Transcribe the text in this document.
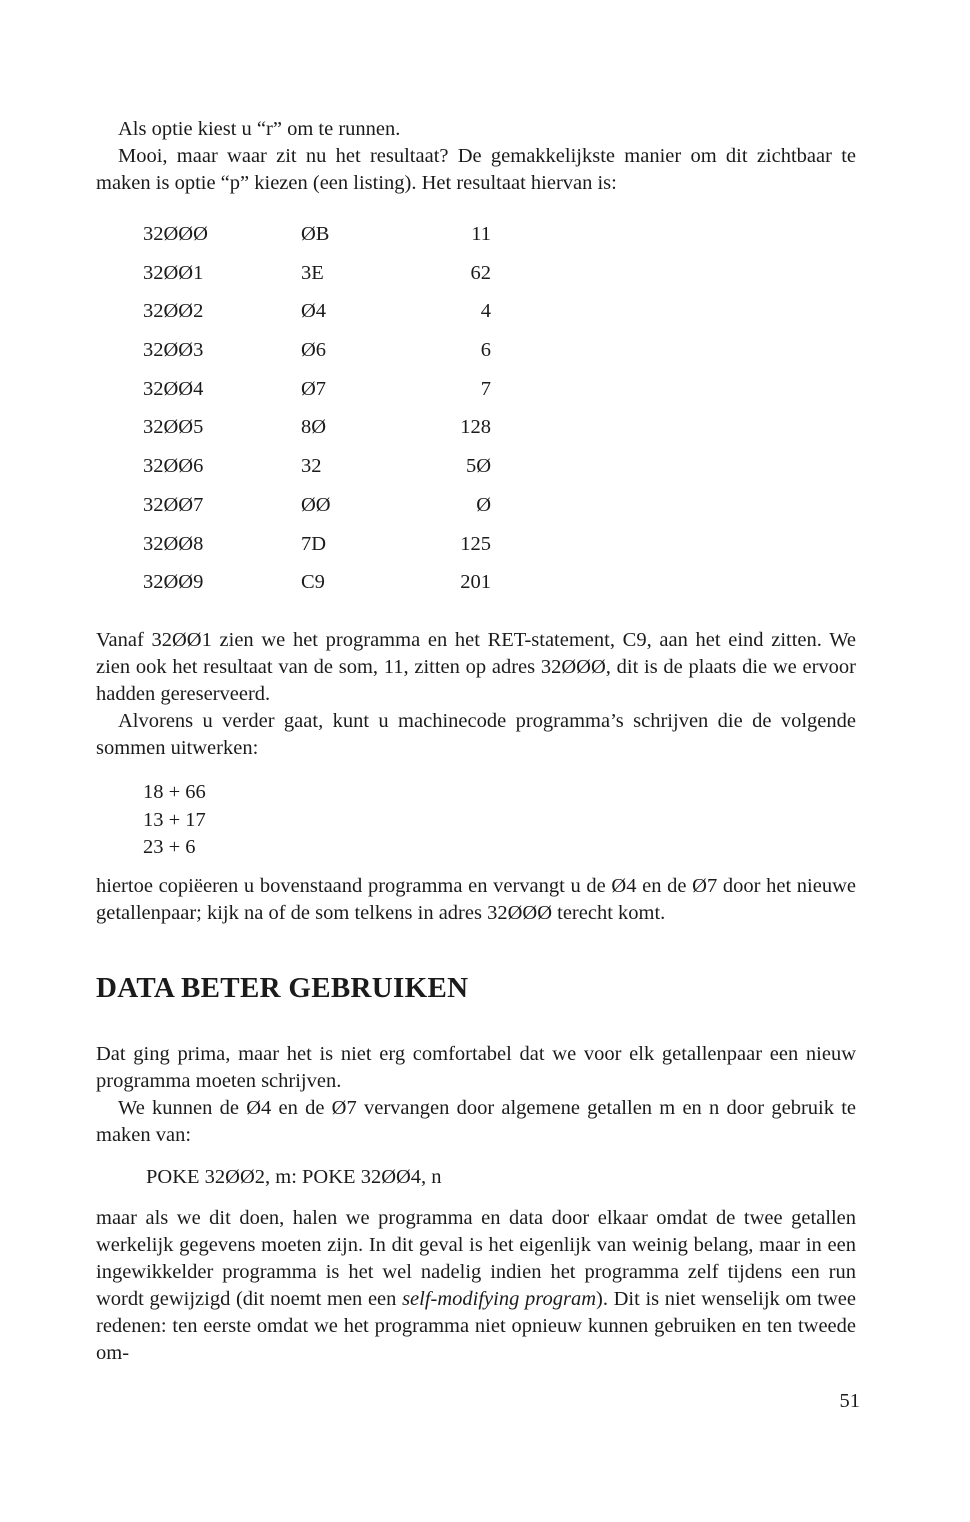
Als optie kiest u “r” om te runnen.

Mooi, maar waar zit nu het resultaat? De gemakkelijkste manier om dit zichtbaar te maken is optie “p” kiezen (een listing). Het resultaat hiervan is:

32ØØØ	ØB	11
32ØØ1	3E	62
32ØØ2	Ø4	4
32ØØ3	Ø6	6
32ØØ4	Ø7	7
32ØØ5	8Ø	128
32ØØ6	32	5Ø
32ØØ7	ØØ	Ø
32ØØ8	7D	125
32ØØ9	C9	201

Vanaf 32ØØ1 zien we het programma en het RET-statement, C9, aan het eind zitten. We zien ook het resultaat van de som, 11, zitten op adres 32ØØØ, dit is de plaats die we ervoor hadden gereserveerd.

Alvorens u verder gaat, kunt u machinecode programma’s schrijven die de volgende sommen uitwerken:

18 + 66
13 + 17
23 + 6

hiertoe copiëeren u bovenstaand programma en vervangt u de Ø4 en de Ø7 door het nieuwe getallenpaar; kijk na of de som telkens in adres 32ØØØ terecht komt.

DATA BETER GEBRUIKEN

Dat ging prima, maar het is niet erg comfortabel dat we voor elk getallenpaar een nieuw programma moeten schrijven.

We kunnen de Ø4 en de Ø7 vervangen door algemene getallen m en n door gebruik te maken van:

POKE 32ØØ2, m: POKE 32ØØ4, n

maar als we dit doen, halen we programma en data door elkaar omdat de twee getallen werkelijk gegevens moeten zijn. In dit geval is het eigenlijk van weinig belang, maar in een ingewikkelder programma is het wel nadelig indien het programma zelf tijdens een run wordt gewijzigd (dit noemt men een self-modifying program). Dit is niet wenselijk om twee redenen: ten eerste omdat we het programma niet opnieuw kunnen gebruiken en ten tweede om-

51
